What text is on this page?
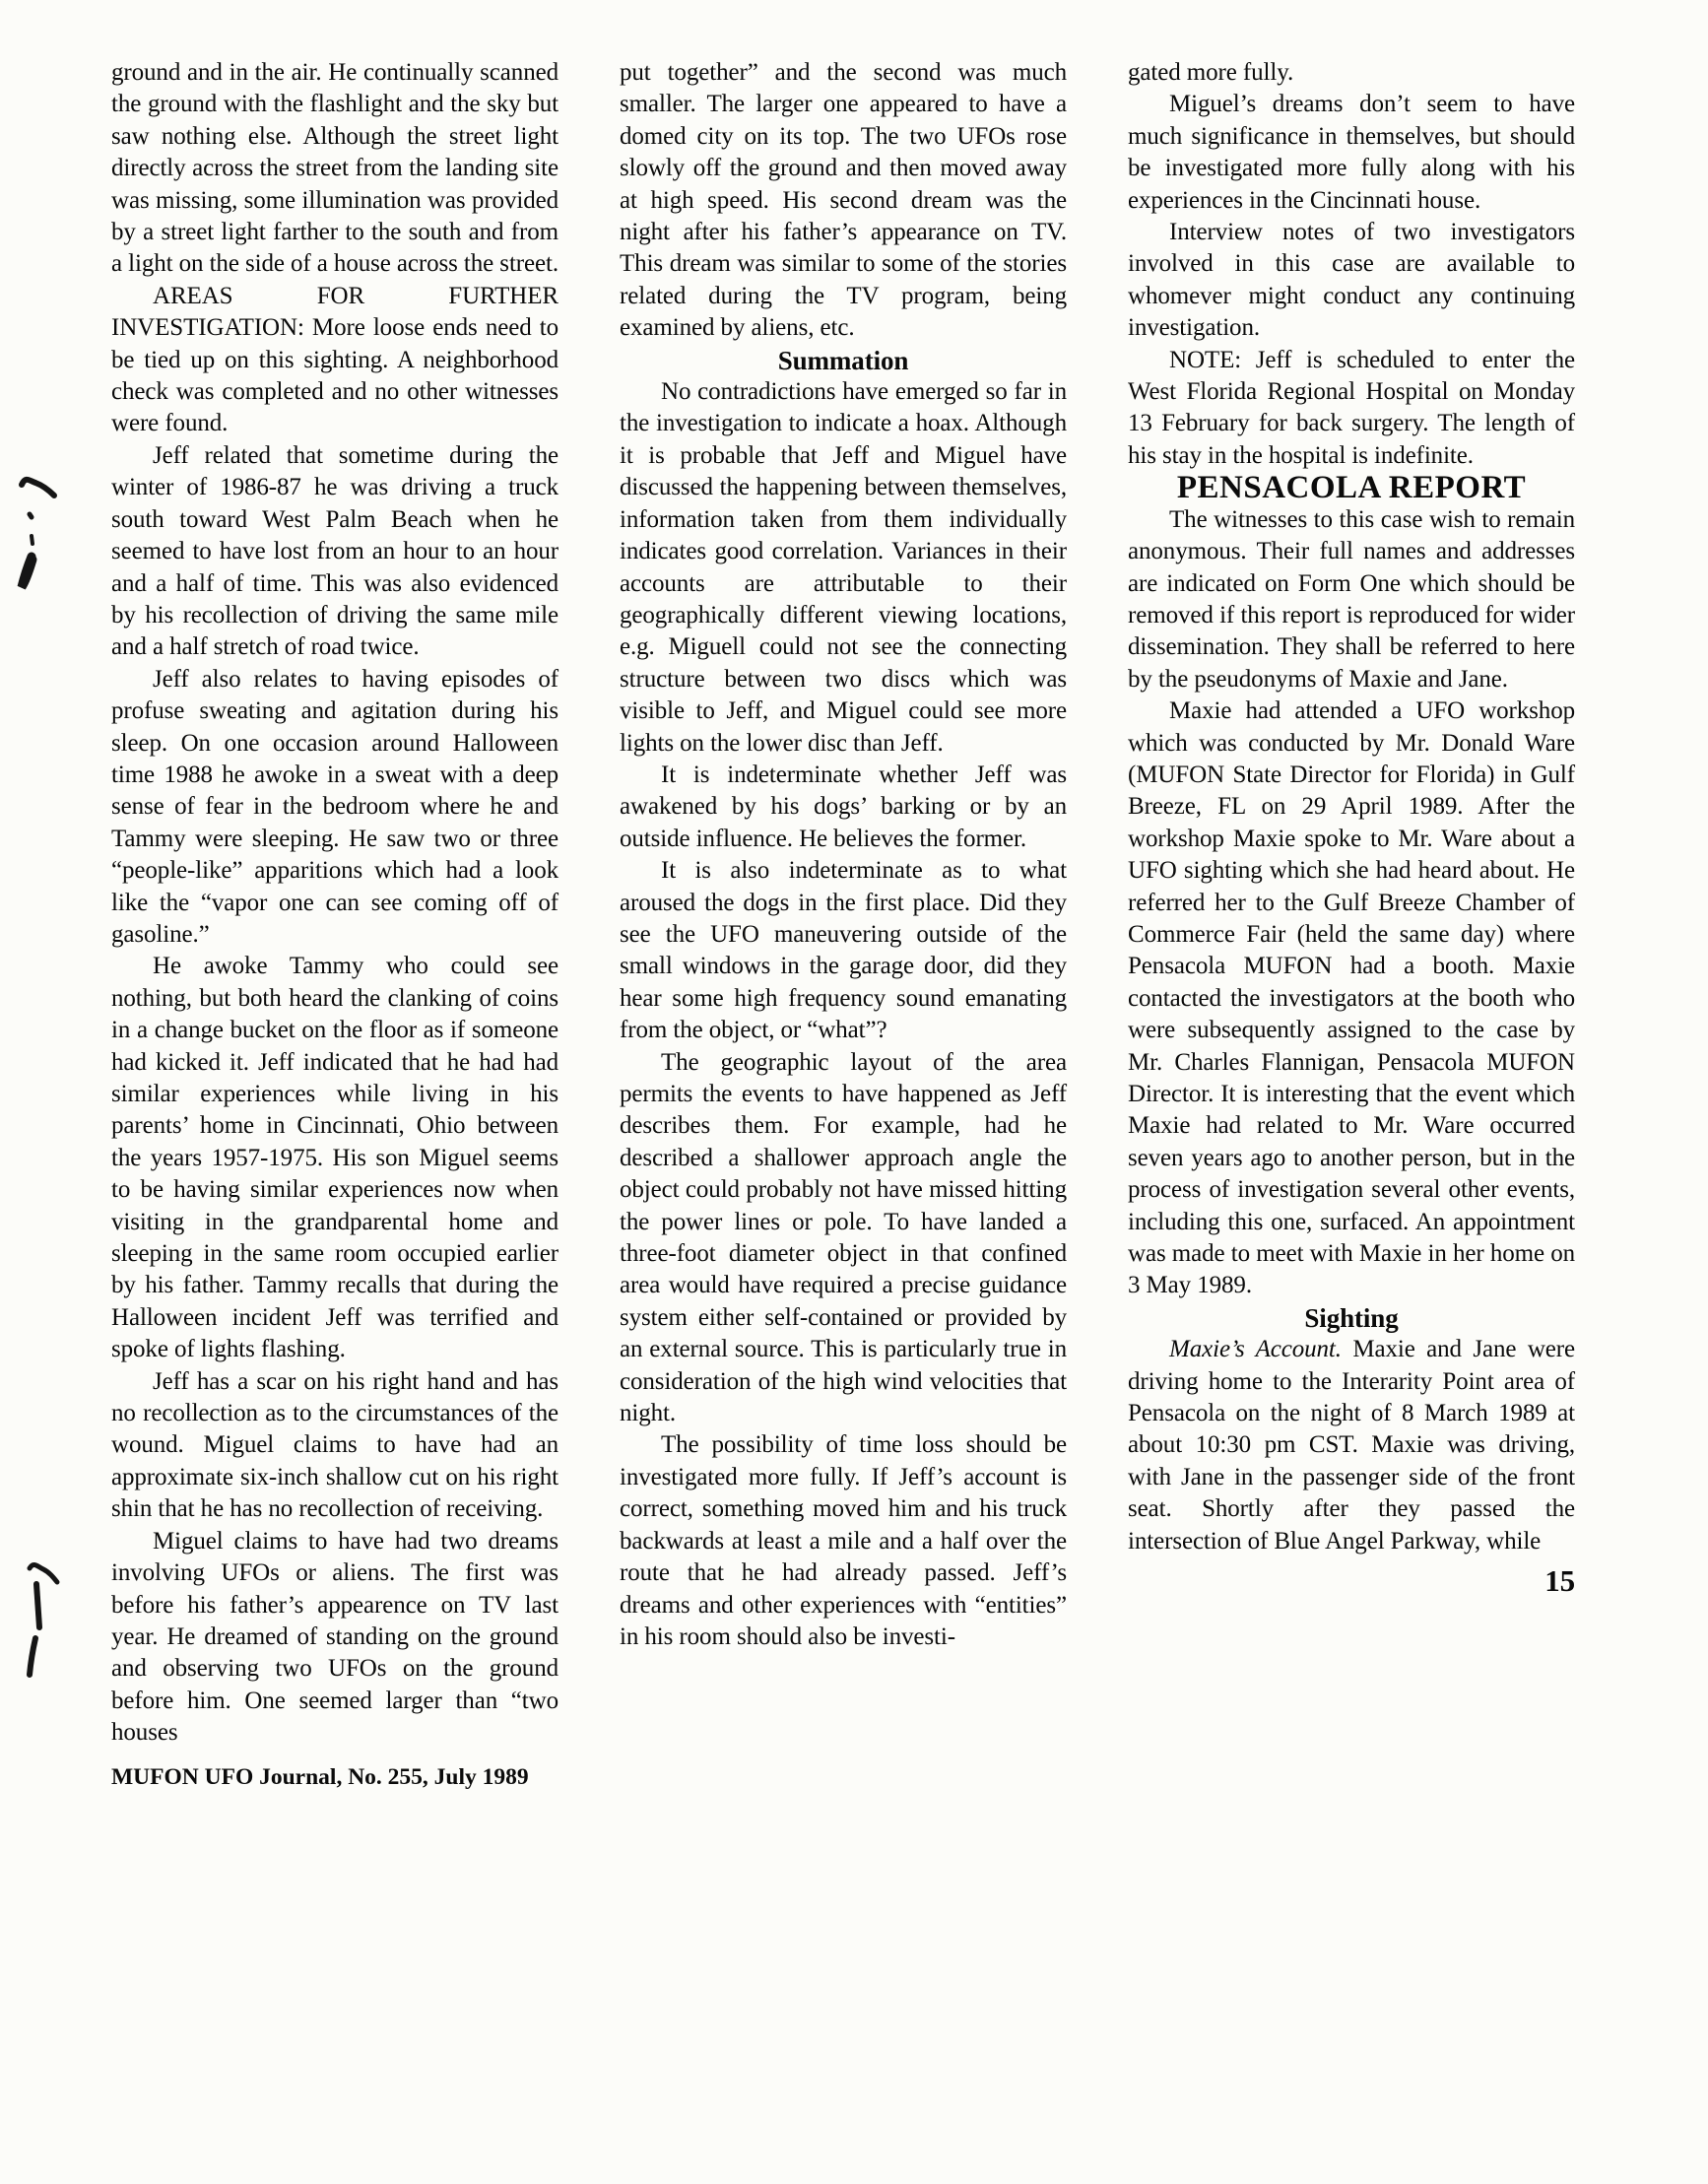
ground and in the air. He continually scanned the ground with the flashlight and the sky but saw nothing else. Although the street light directly across the street from the landing site was missing, some illumination was provided by a street light farther to the south and from a light on the side of a house across the street.

AREAS FOR FURTHER INVESTIGATION: More loose ends need to be tied up on this sighting. A neighborhood check was completed and no other witnesses were found.

Jeff related that sometime during the winter of 1986-87 he was driving a truck south toward West Palm Beach when he seemed to have lost from an hour to an hour and a half of time. This was also evidenced by his recollection of driving the same mile and a half stretch of road twice.

Jeff also relates to having episodes of profuse sweating and agitation during his sleep. On one occasion around Halloween time 1988 he awoke in a sweat with a deep sense of fear in the bedroom where he and Tammy were sleeping. He saw two or three “people-like” apparitions which had a look like the “vapor one can see coming off of gasoline.”

He awoke Tammy who could see nothing, but both heard the clanking of coins in a change bucket on the floor as if someone had kicked it. Jeff indicated that he had had similar experiences while living in his parents’ home in Cincinnati, Ohio between the years 1957-1975. His son Miguel seems to be having similar experiences now when visiting in the grandparental home and sleeping in the same room occupied earlier by his father. Tammy recalls that during the Halloween incident Jeff was terrified and spoke of lights flashing.

Jeff has a scar on his right hand and has no recollection as to the circumstances of the wound. Miguel claims to have had an approximate six-inch shallow cut on his right shin that he has no recollection of receiving.

Miguel claims to have had two dreams involving UFOs or aliens. The first was before his father’s appearence on TV last year. He dreamed of standing on the ground and observing two UFOs on the ground before him. One seemed larger than “two houses

MUFON UFO Journal, No. 255, July 1989

put together” and the second was much smaller. The larger one appeared to have a domed city on its top. The two UFOs rose slowly off the ground and then moved away at high speed. His second dream was the night after his father’s appearance on TV. This dream was similar to some of the stories related during the TV program, being examined by aliens, etc.

Summation

No contradictions have emerged so far in the investigation to indicate a hoax. Although it is probable that Jeff and Miguel have discussed the happening between themselves, information taken from them individually indicates good correlation. Variances in their accounts are attributable to their geographically different viewing locations, e.g. Miguell could not see the connecting structure between two discs which was visible to Jeff, and Miguel could see more lights on the lower disc than Jeff.

It is indeterminate whether Jeff was awakened by his dogs’ barking or by an outside influence. He believes the former.

It is also indeterminate as to what aroused the dogs in the first place. Did they see the UFO maneuvering outside of the small windows in the garage door, did they hear some high frequency sound emanating from the object, or “what”?

The geographic layout of the area permits the events to have happened as Jeff describes them. For example, had he described a shallower approach angle the object could probably not have missed hitting the power lines or pole. To have landed a three-foot diameter object in that confined area would have required a precise guidance system either self-contained or provided by an external source. This is particularly true in consideration of the high wind velocities that night.

The possibility of time loss should be investigated more fully. If Jeff’s account is correct, something moved him and his truck backwards at least a mile and a half over the route that he had already passed. Jeff’s dreams and other experiences with “entities” in his room should also be investi-

gated more fully.

Miguel’s dreams don’t seem to have much significance in themselves, but should be investigated more fully along with his experiences in the Cincinnati house.

Interview notes of two investigators involved in this case are available to whomever might conduct any continuing investigation.

NOTE: Jeff is scheduled to enter the West Florida Regional Hospital on Monday 13 February for back surgery. The length of his stay in the hospital is indefinite.

PENSACOLA REPORT

The witnesses to this case wish to remain anonymous. Their full names and addresses are indicated on Form One which should be removed if this report is reproduced for wider dissemination. They shall be referred to here by the pseudonyms of Maxie and Jane.

Maxie had attended a UFO workshop which was conducted by Mr. Donald Ware (MUFON State Director for Florida) in Gulf Breeze, FL on 29 April 1989. After the workshop Maxie spoke to Mr. Ware about a UFO sighting which she had heard about. He referred her to the Gulf Breeze Chamber of Commerce Fair (held the same day) where Pensacola MUFON had a booth. Maxie contacted the investigators at the booth who were subsequently assigned to the case by Mr. Charles Flannigan, Pensacola MUFON Director. It is interesting that the event which Maxie had related to Mr. Ware occurred seven years ago to another person, but in the process of investigation several other events, including this one, surfaced. An appointment was made to meet with Maxie in her home on 3 May 1989.

Sighting

Maxie’s Account. Maxie and Jane were driving home to the Interarity Point area of Pensacola on the night of 8 March 1989 at about 10:30 pm CST. Maxie was driving, with Jane in the passenger side of the front seat. Shortly after they passed the intersection of Blue Angel Parkway, while

15
